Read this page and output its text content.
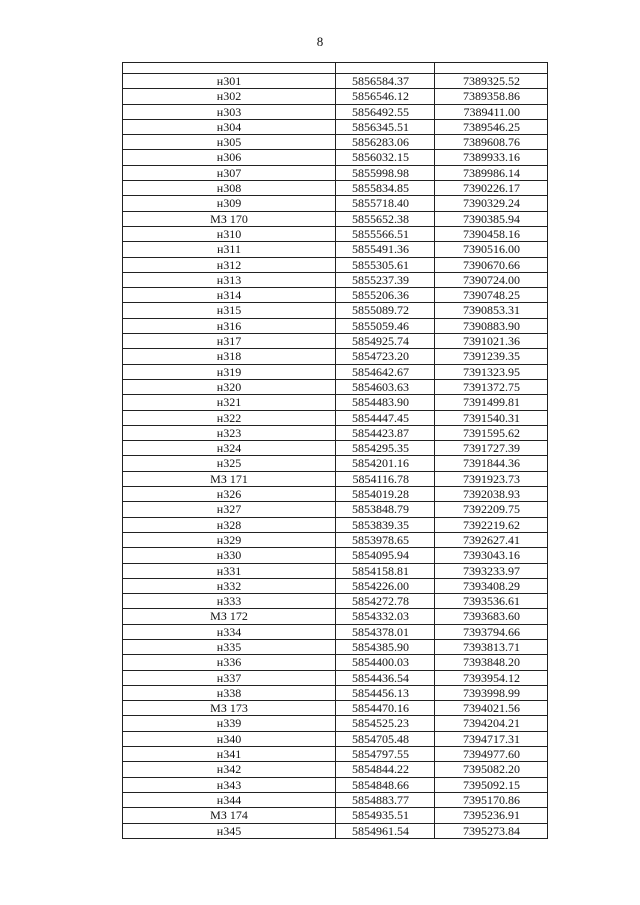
8

н301	5856584.37	7389325.52
н302	5856546.12	7389358.86
н303	5856492.55	7389411.00
н304	5856345.51	7389546.25
н305	5856283.06	7389608.76
н306	5856032.15	7389933.16
н307	5855998.98	7389986.14
н308	5855834.85	7390226.17
н309	5855718.40	7390329.24
МЗ 170	5855652.38	7390385.94
н310	5855566.51	7390458.16
н311	5855491.36	7390516.00
н312	5855305.61	7390670.66
н313	5855237.39	7390724.00
н314	5855206.36	7390748.25
н315	5855089.72	7390853.31
н316	5855059.46	7390883.90
н317	5854925.74	7391021.36
н318	5854723.20	7391239.35
н319	5854642.67	7391323.95
н320	5854603.63	7391372.75
н321	5854483.90	7391499.81
н322	5854447.45	7391540.31
н323	5854423.87	7391595.62
н324	5854295.35	7391727.39
н325	5854201.16	7391844.36
МЗ 171	5854116.78	7391923.73
н326	5854019.28	7392038.93
н327	5853848.79	7392209.75
н328	5853839.35	7392219.62
н329	5853978.65	7392627.41
н330	5854095.94	7393043.16
н331	5854158.81	7393233.97
н332	5854226.00	7393408.29
н333	5854272.78	7393536.61
МЗ 172	5854332.03	7393683.60
н334	5854378.01	7393794.66
н335	5854385.90	7393813.71
н336	5854400.03	7393848.20
н337	5854436.54	7393954.12
н338	5854456.13	7393998.99
МЗ 173	5854470.16	7394021.56
н339	5854525.23	7394204.21
н340	5854705.48	7394717.31
н341	5854797.55	7394977.60
н342	5854844.22	7395082.20
н343	5854848.66	7395092.15
н344	5854883.77	7395170.86
МЗ 174	5854935.51	7395236.91
н345	5854961.54	7395273.84
